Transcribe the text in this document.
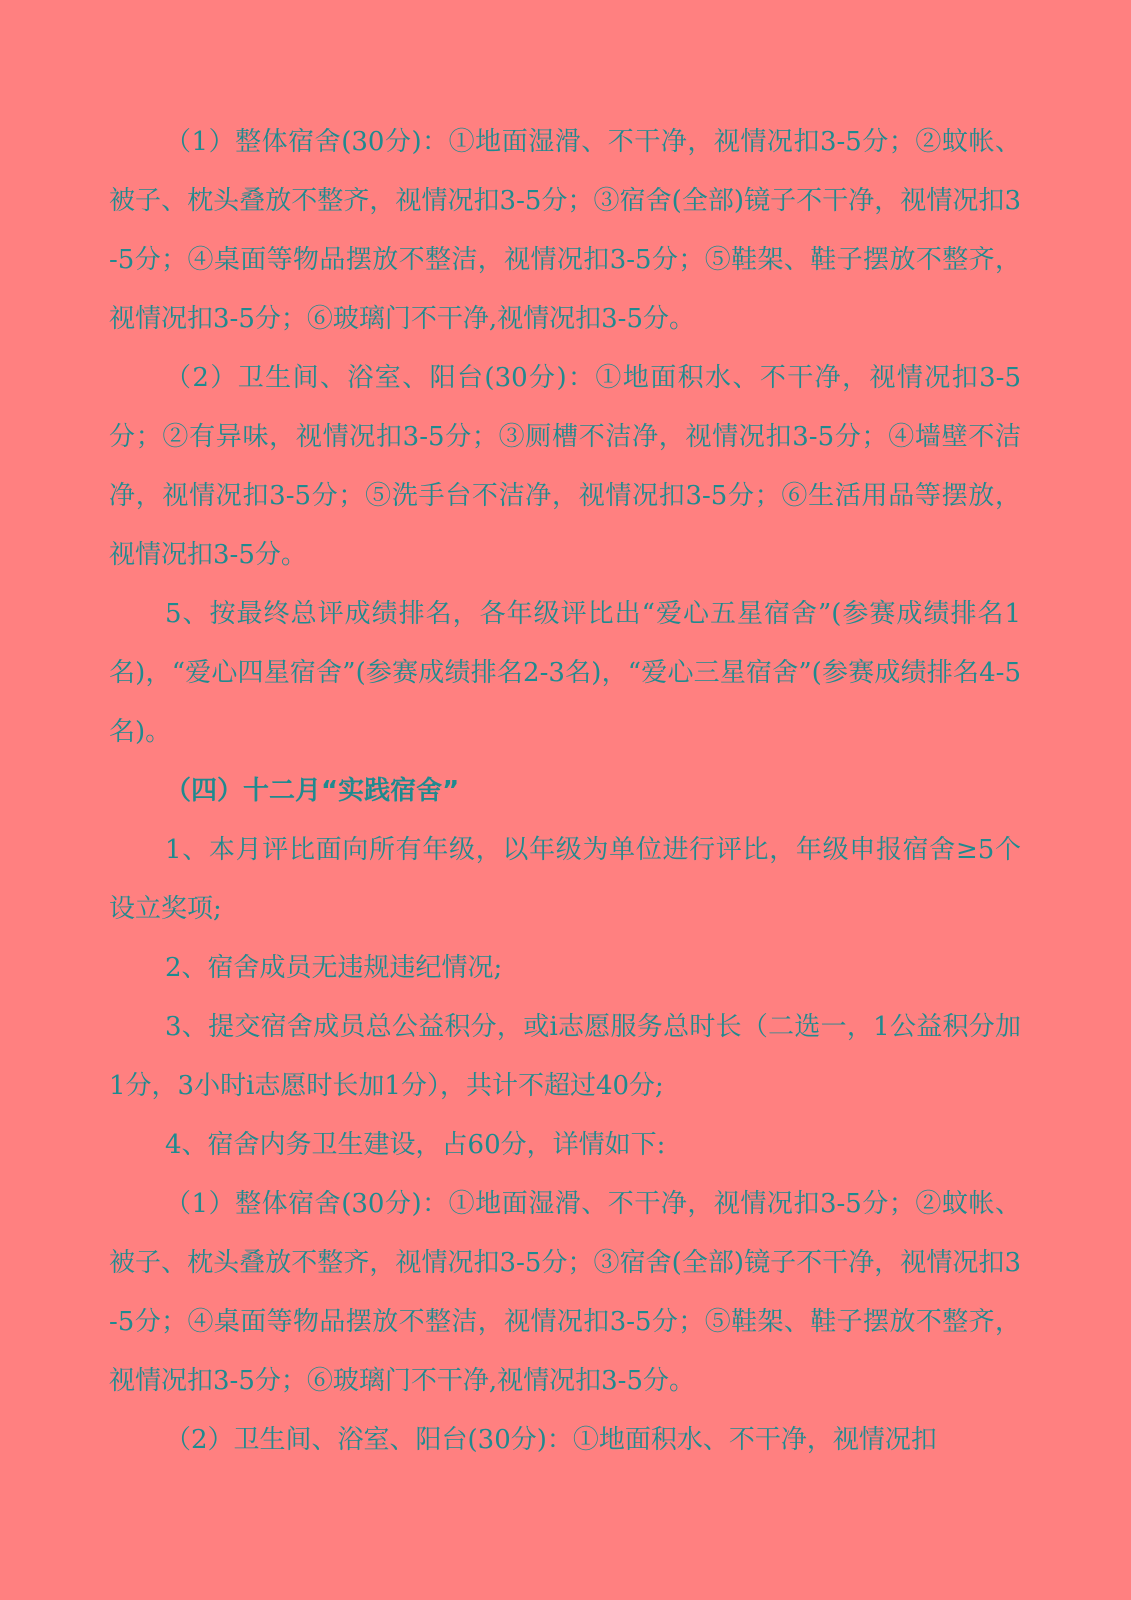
（1）整体宿舍(30分)：①地面湿滑、不干净，视情况扣3-5分；②蚊帐、被子、枕头叠放不整齐，视情况扣3-5分；③宿舍(全部)镜子不干净，视情况扣3-5分；④桌面等物品摆放不整洁，视情况扣3-5分；⑤鞋架、鞋子摆放不整齐，视情况扣3-5分；⑥玻璃门不干净,视情况扣3-5分。

（2）卫生间、浴室、阳台(30分)：①地面积水、不干净，视情况扣3-5分；②有异味，视情况扣3-5分；③厕槽不洁净，视情况扣3-5分；④墙壁不洁净，视情况扣3-5分；⑤洗手台不洁净，视情况扣3-5分；⑥生活用品等摆放，视情况扣3-5分。

5、按最终总评成绩排名，各年级评比出“爱心五星宿舍”(参赛成绩排名1名)，“爱心四星宿舍”(参赛成绩排名2-3名)，“爱心三星宿舍”(参赛成绩排名4-5名)。

（四）十二月“实践宿舍”

1、本月评比面向所有年级，以年级为单位进行评比，年级申报宿舍≥5个设立奖项;

2、宿舍成员无违规违纪情况;

3、提交宿舍成员总公益积分，或i志愿服务总时长（二选一，1公益积分加1分，3小时i志愿时长加1分），共计不超过40分;

4、宿舍内务卫生建设，占60分，详情如下:

（1）整体宿舍(30分)：①地面湿滑、不干净，视情况扣3-5分；②蚊帐、被子、枕头叠放不整齐，视情况扣3-5分；③宿舍(全部)镜子不干净，视情况扣3-5分；④桌面等物品摆放不整洁，视情况扣3-5分；⑤鞋架、鞋子摆放不整齐，视情况扣3-5分；⑥玻璃门不干净,视情况扣3-5分。

（2）卫生间、浴室、阳台(30分)：①地面积水、不干净，视情况扣
